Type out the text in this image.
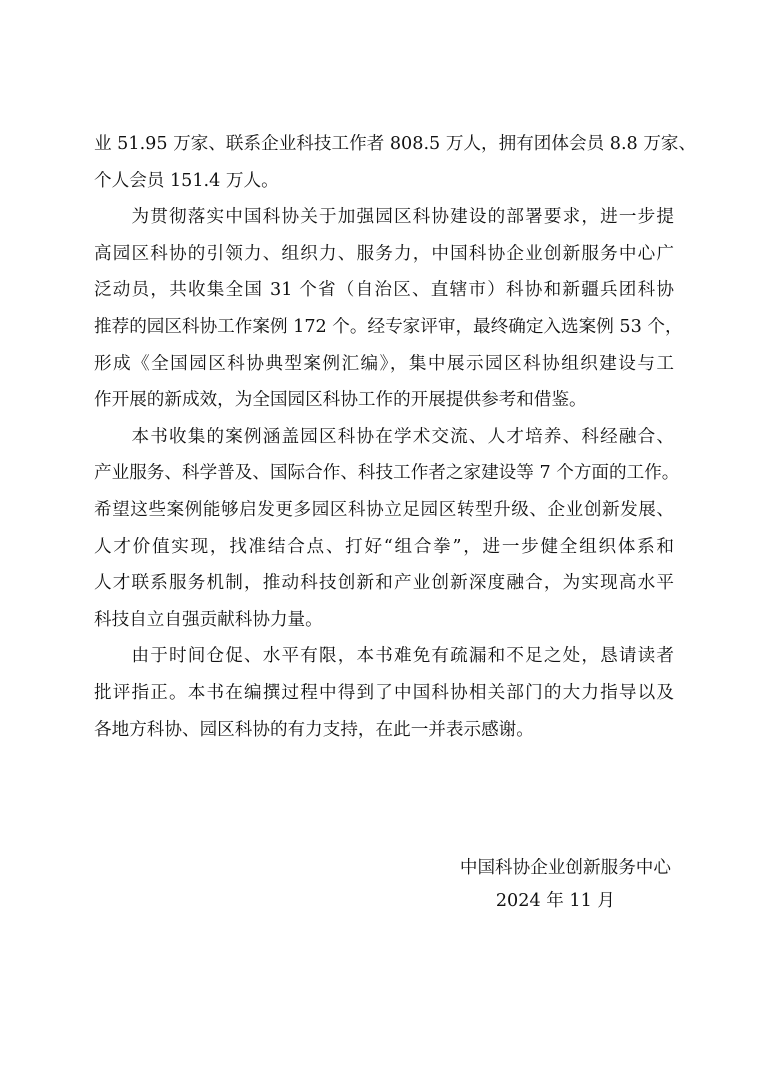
业 51.95 万家、联系企业科技工作者 808.5 万人，拥有团体会员 8.8 万家、
个人会员 151.4 万人。
　　为贯彻落实中国科协关于加强园区科协建设的部署要求，进一步提
高园区科协的引领力、组织力、服务力，中国科协企业创新服务中心广
泛动员，共收集全国 31 个省（自治区、直辖市）科协和新疆兵团科协
推荐的园区科协工作案例 172 个。经专家评审，最终确定入选案例 53 个，
形成《全国园区科协典型案例汇编》，集中展示园区科协组织建设与工
作开展的新成效，为全国园区科协工作的开展提供参考和借鉴。
　　本书收集的案例涵盖园区科协在学术交流、人才培养、科经融合、
产业服务、科学普及、国际合作、科技工作者之家建设等 7 个方面的工作。
希望这些案例能够启发更多园区科协立足园区转型升级、企业创新发展、
人才价值实现，找准结合点、打好“组合拳”，进一步健全组织体系和
人才联系服务机制，推动科技创新和产业创新深度融合，为实现高水平
科技自立自强贡献科协力量。
　　由于时间仓促、水平有限，本书难免有疏漏和不足之处，恳请读者
批评指正。本书在编撰过程中得到了中国科协相关部门的大力指导以及
各地方科协、园区科协的有力支持，在此一并表示感谢。
中国科协企业创新服务中心
2024 年 11 月
